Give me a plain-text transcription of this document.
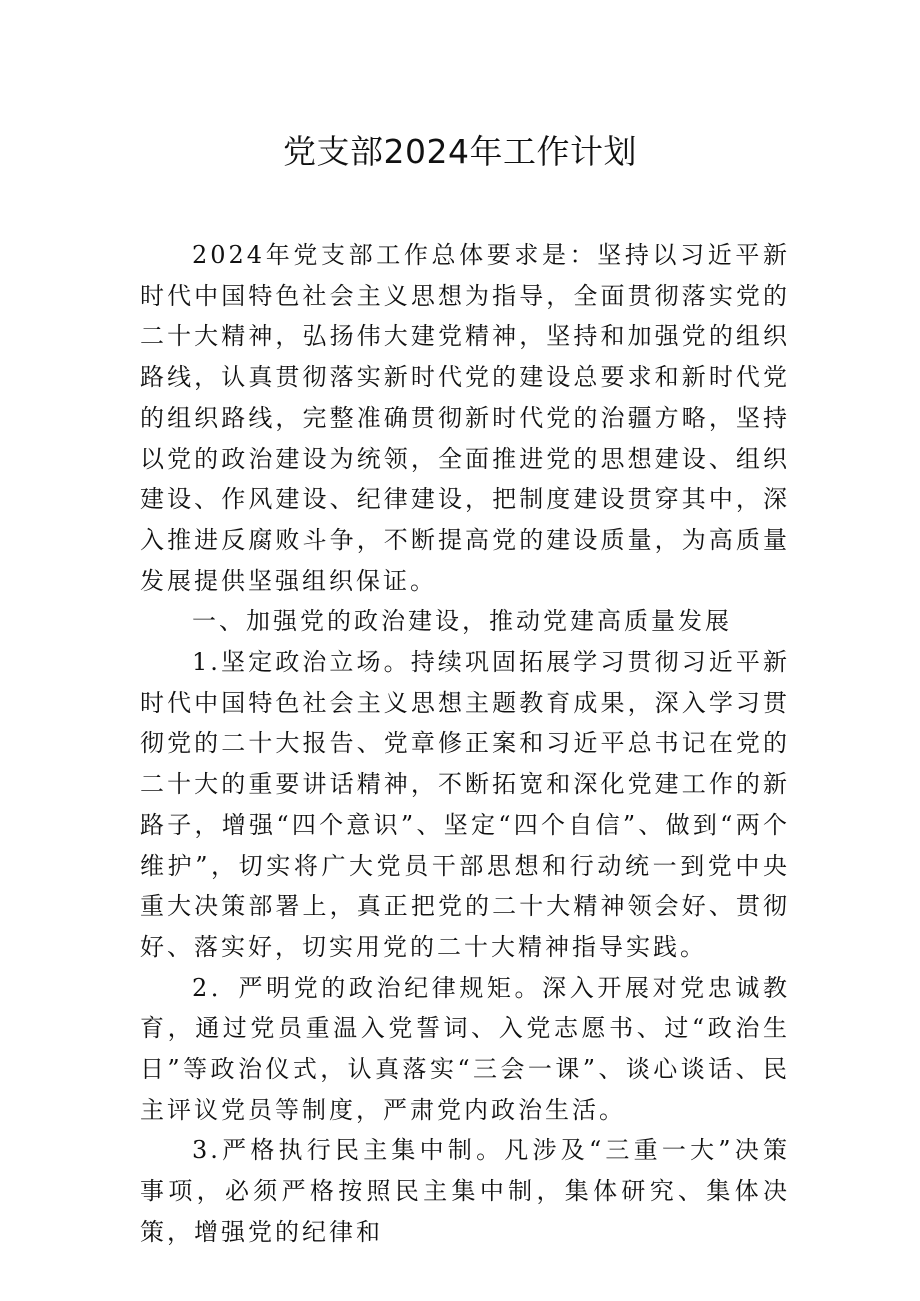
党支部2024年工作计划

2024年党支部工作总体要求是：坚持以习近平新时代中国特色社会主义思想为指导，全面贯彻落实党的二十大精神，弘扬伟大建党精神，坚持和加强党的组织路线，认真贯彻落实新时代党的建设总要求和新时代党的组织路线，完整准确贯彻新时代党的治疆方略，坚持以党的政治建设为统领，全面推进党的思想建设、组织建设、作风建设、纪律建设，把制度建设贯穿其中，深入推进反腐败斗争，不断提高党的建设质量，为高质量发展提供坚强组织保证。

一、加强党的政治建设，推动党建高质量发展

1.坚定政治立场。持续巩固拓展学习贯彻习近平新时代中国特色社会主义思想主题教育成果，深入学习贯彻党的二十大报告、党章修正案和习近平总书记在党的二十大的重要讲话精神，不断拓宽和深化党建工作的新路子，增强“四个意识”、坚定“四个自信”、做到“两个维护”，切实将广大党员干部思想和行动统一到党中央重大决策部署上，真正把党的二十大精神领会好、贯彻好、落实好，切实用党的二十大精神指导实践。

2．严明党的政治纪律规矩。深入开展对党忠诚教育，通过党员重温入党誓词、入党志愿书、过“政治生日”等政治仪式，认真落实“三会一课”、谈心谈话、民主评议党员等制度，严肃党内政治生活。

3.严格执行民主集中制。凡涉及“三重一大”决策事项，必须严格按照民主集中制，集体研究、集体决策，增强党的纪律和
